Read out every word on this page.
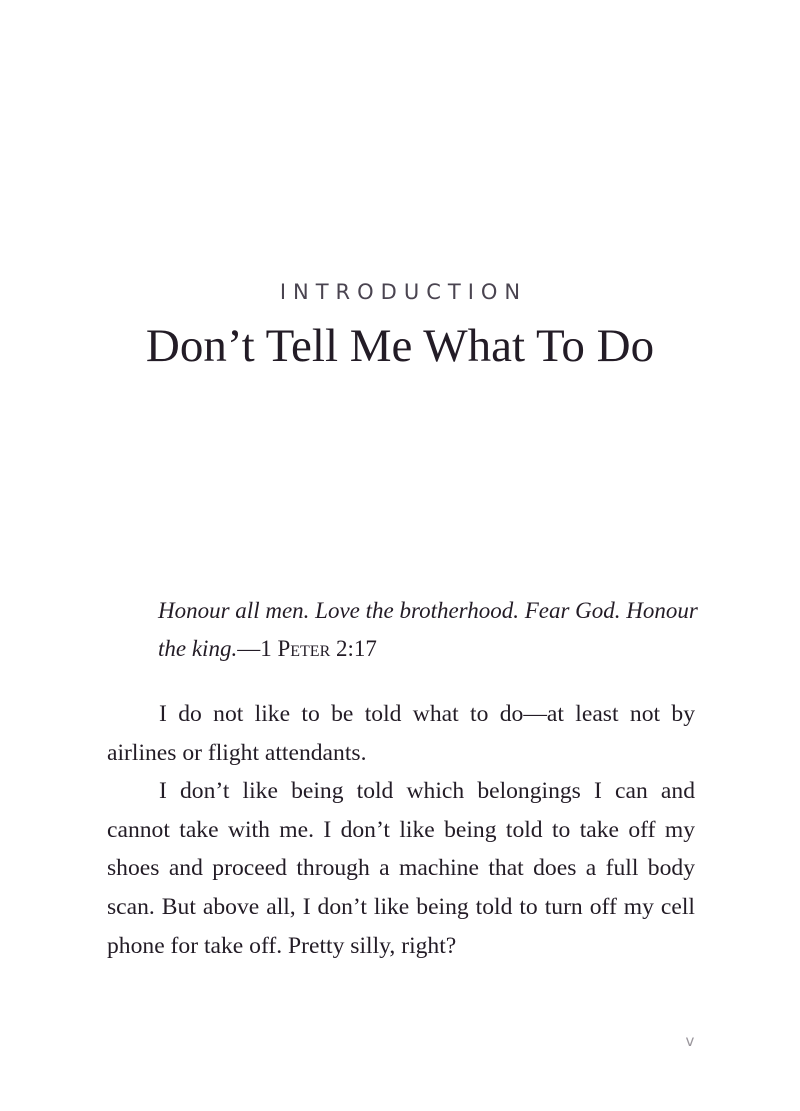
INTRODUCTION
Don’t Tell Me What To Do

Honour all men. Love the brotherhood. Fear God. Honour the king.—1 Peter 2:17

I do not like to be told what to do—at least not by airlines or flight attendants.

I don’t like being told which belongings I can and cannot take with me. I don’t like being told to take off my shoes and proceed through a machine that does a full body scan. But above all, I don’t like being told to turn off my cell phone for take off. Pretty silly, right?

v
